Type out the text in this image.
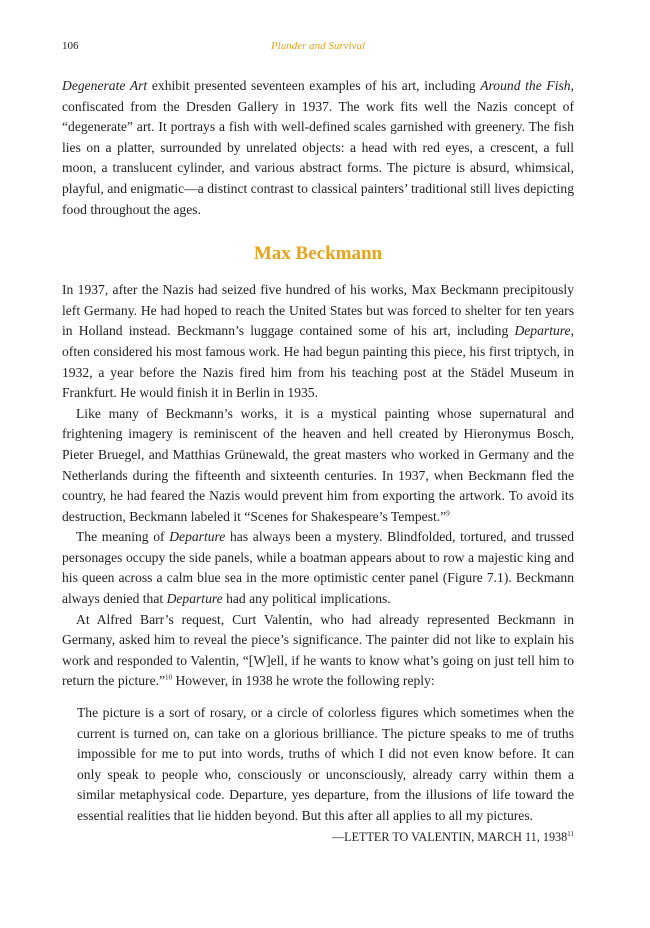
106	Plunder and Survival

Degenerate Art exhibit presented seventeen examples of his art, including Around the Fish, confiscated from the Dresden Gallery in 1937. The work fits well the Nazis concept of “degenerate” art. It portrays a fish with well-defined scales garnished with greenery. The fish lies on a platter, surrounded by unrelated objects: a head with red eyes, a crescent, a full moon, a translucent cylinder, and various abstract forms. The picture is absurd, whimsical, playful, and enigmatic—a distinct contrast to classical painters’ traditional still lives depicting food throughout the ages.

Max Beckmann

In 1937, after the Nazis had seized five hundred of his works, Max Beckmann precipitously left Germany. He had hoped to reach the United States but was forced to shelter for ten years in Holland instead. Beckmann’s luggage contained some of his art, including Departure, often considered his most famous work. He had begun painting this piece, his first triptych, in 1932, a year before the Nazis fired him from his teaching post at the Städel Museum in Frankfurt. He would finish it in Berlin in 1935.

Like many of Beckmann’s works, it is a mystical painting whose supernatural and frightening imagery is reminiscent of the heaven and hell created by Hieronymus Bosch, Pieter Bruegel, and Matthias Grünewald, the great masters who worked in Germany and the Netherlands during the fifteenth and sixteenth centuries. In 1937, when Beckmann fled the country, he had feared the Nazis would prevent him from exporting the artwork. To avoid its destruction, Beckmann labeled it “Scenes for Shakespeare’s Tempest.”$^9$

The meaning of Departure has always been a mystery. Blindfolded, tortured, and trussed personages occupy the side panels, while a boatman appears about to row a majestic king and his queen across a calm blue sea in the more optimistic center panel (Figure 7.1). Beckmann always denied that Departure had any political implications.

At Alfred Barr’s request, Curt Valentin, who had already represented Beckmann in Germany, asked him to reveal the piece’s significance. The painter did not like to explain his work and responded to Valentin, “[W]ell, if he wants to know what’s going on just tell him to return the picture.”$^{10}$ However, in 1938 he wrote the following reply:

The picture is a sort of rosary, or a circle of colorless figures which sometimes when the current is turned on, can take on a glorious brilliance. The picture speaks to me of truths impossible for me to put into words, truths of which I did not even know before. It can only speak to people who, consciously or unconsciously, already carry within them a similar metaphysical code. Departure, yes departure, from the illusions of life toward the essential realities that lie hidden beyond. But this after all applies to all my pictures.

—LETTER TO VALENTIN, MARCH 11, 1938$^{11}$
